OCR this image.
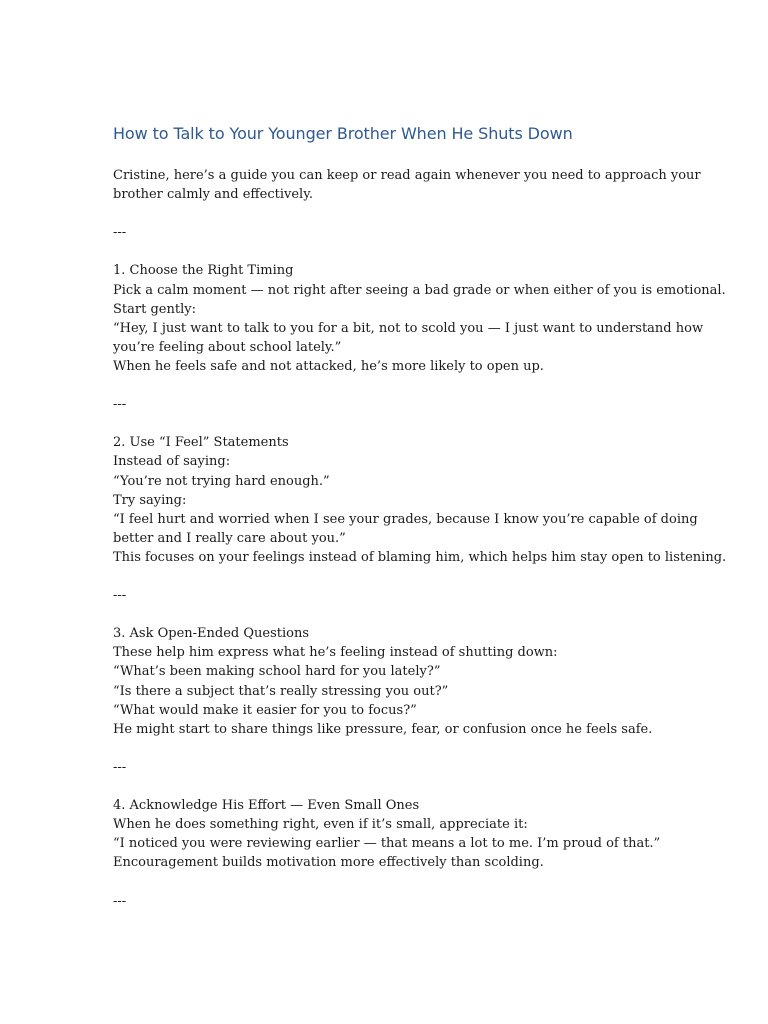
How to Talk to Your Younger Brother When He Shuts Down
Cristine, here’s a guide you can keep or read again whenever you need to approach your
brother calmly and effectively.
---
1. Choose the Right Timing
Pick a calm moment — not right after seeing a bad grade or when either of you is emotional.
Start gently:
“Hey, I just want to talk to you for a bit, not to scold you — I just want to understand how
you’re feeling about school lately.”
When he feels safe and not attacked, he’s more likely to open up.
---
2. Use “I Feel” Statements
Instead of saying:
“You’re not trying hard enough.”
Try saying:
“I feel hurt and worried when I see your grades, because I know you’re capable of doing
better and I really care about you.”
This focuses on your feelings instead of blaming him, which helps him stay open to listening.
---
3. Ask Open-Ended Questions
These help him express what he’s feeling instead of shutting down:
“What’s been making school hard for you lately?”
“Is there a subject that’s really stressing you out?”
“What would make it easier for you to focus?”
He might start to share things like pressure, fear, or confusion once he feels safe.
---
4. Acknowledge His Effort — Even Small Ones
When he does something right, even if it’s small, appreciate it:
“I noticed you were reviewing earlier — that means a lot to me. I’m proud of that.”
Encouragement builds motivation more effectively than scolding.
---
